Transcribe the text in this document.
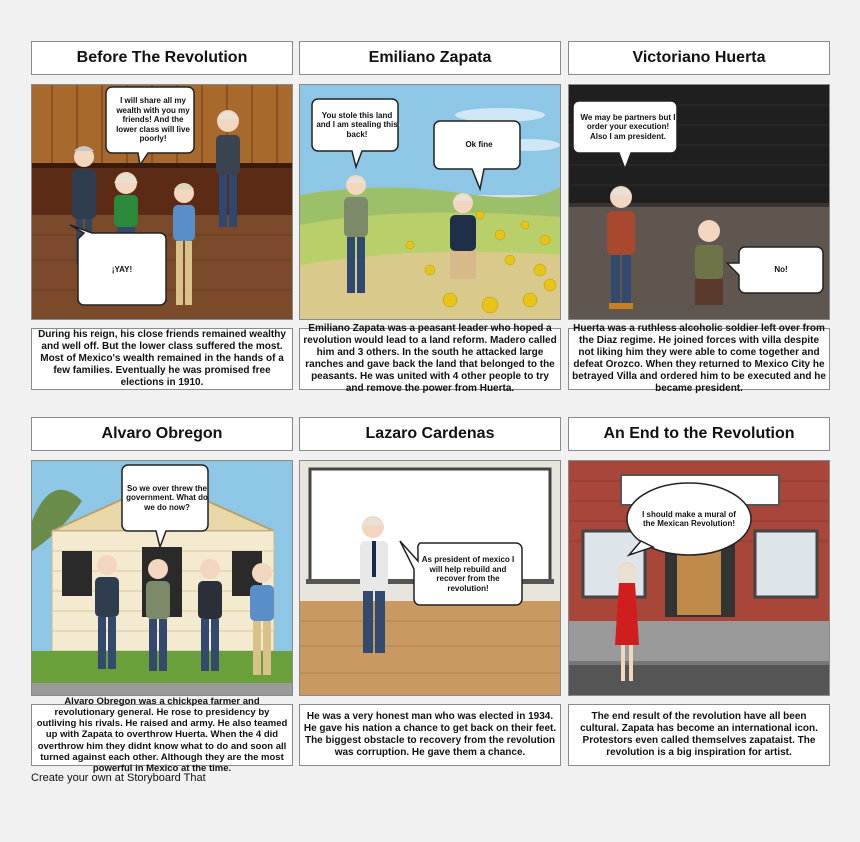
Before The Revolution	Emiliano Zapata	Victoriano Huerta
I will share all my wealth with you my friends! And the lower class will live poorly!
¡YAY!
You stole this land and I am stealing this back!
Ok fine
We may be partners but I order your execution! Also I am president.
No!
During his reign, his close friends remained wealthy and well off. But the lower class suffered the most. Most of Mexico's wealth remained in the hands of a few families. Eventually he was promised free elections in 1910.
Emiliano Zapata was a peasant leader who hoped a revolution would lead to a land reform. Madero called him and 3 others. In the south he attacked large ranches and gave back the land that belonged to the peasants. He was united with 4 other people to try and remove the power from Huerta.
Huerta was a ruthless alcoholic soldier left over from the Diaz regime. He joined forces with villa despite not liking him they were able to come together and defeat Orozco. When they returned to Mexico City he betrayed Villa and ordered him to be executed and he became president.
Alvaro Obregon	Lazaro Cardenas	An End to the Revolution
So we over threw the government. What do we do now?
As president of mexico I will help rebuild and recover from the revolution!
I should make a mural of the Mexican Revolution!
Alvaro Obregon was a chickpea farmer and revolutionary general. He rose to presidency by outliving his rivals. He raised and army. He also teamed up with Zapata to overthrow Huerta. When the 4 did overthrow him they didnt know what to do and soon all turned against each other. Although they are the most powerful in Mexico at the time.
He was a very honest man who was elected in 1934. He gave his nation a chance to get back on their feet. The biggest obstacle to recovery from the revolution was corruption. He gave them a chance.
The end result of the revolution have all been cultural. Zapata has become an international icon. Protestors even called themselves zapataist. The revolution is a big inspiration for artist.
Create your own at Storyboard That
